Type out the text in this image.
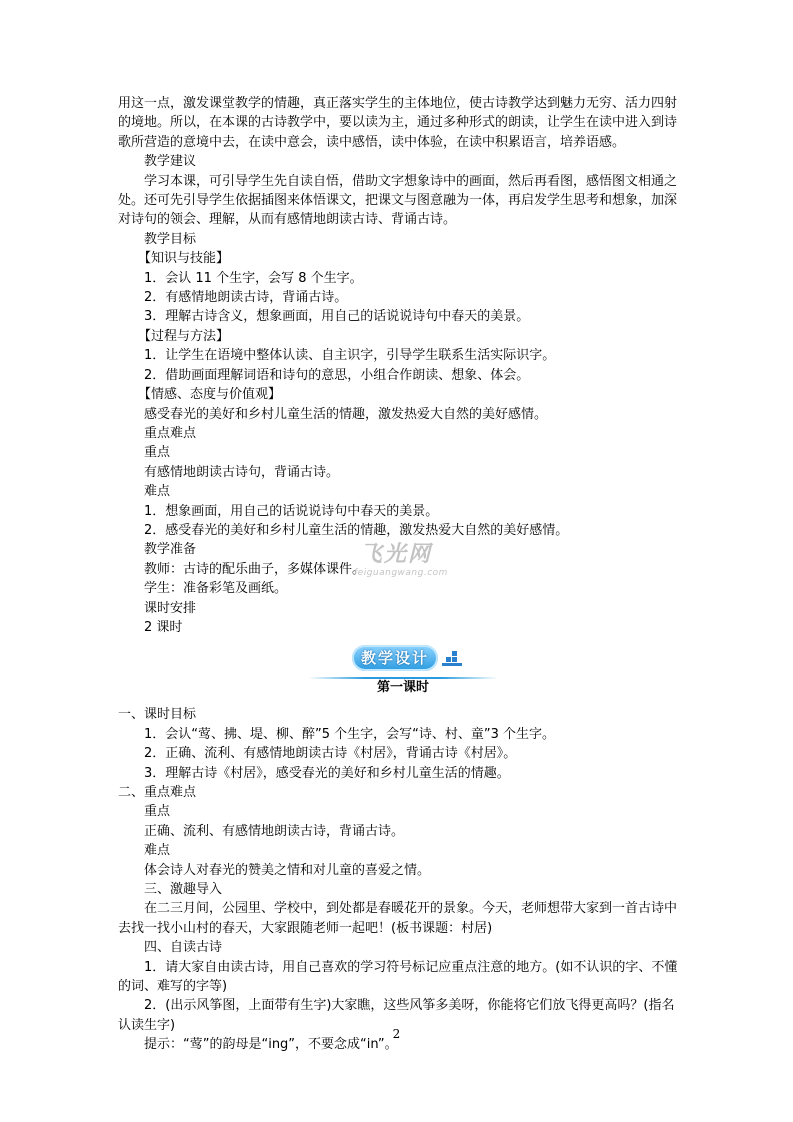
用这一点，激发课堂教学的情趣，真正落实学生的主体地位，使古诗教学达到魅力无穷、活力四射的境地。所以，在本课的古诗教学中，要以读为主，通过多种形式的朗读，让学生在读中进入到诗歌所营造的意境中去，在读中意会，读中感悟，读中体验，在读中积累语言，培养语感。

教学建议

学习本课，可引导学生先自读自悟，借助文字想象诗中的画面，然后再看图，感悟图文相通之处。还可先引导学生依据插图来体悟课文，把课文与图意融为一体，再启发学生思考和想象，加深对诗句的领会、理解，从而有感情地朗读古诗、背诵古诗。

教学目标

【知识与技能】

1．会认 11 个生字，会写 8 个生字。

2．有感情地朗读古诗，背诵古诗。

3．理解古诗含义，想象画面，用自己的话说说诗句中春天的美景。

【过程与方法】

1．让学生在语境中整体认读、自主识字，引导学生联系生活实际识字。

2．借助画面理解词语和诗句的意思，小组合作朗读、想象、体会。

【情感、态度与价值观】

感受春光的美好和乡村儿童生活的情趣，激发热爱大自然的美好感情。

重点难点

重点

有感情地朗读古诗句，背诵古诗。

难点

1．想象画面，用自己的话说说诗句中春天的美景。

2．感受春光的美好和乡村儿童生活的情趣，激发热爱大自然的美好感情。

教学准备

教师：古诗的配乐曲子，多媒体课件。

学生：准备彩笔及画纸。

课时安排

2 课时

教学设计
第一课时

一、课时目标

1．会认“莺、拂、堤、柳、醉”5 个生字，会写“诗、村、童”3 个生字。

2．正确、流利、有感情地朗读古诗《村居》，背诵古诗《村居》。

3．理解古诗《村居》，感受春光的美好和乡村儿童生活的情趣。

二、重点难点

重点

正确、流利、有感情地朗读古诗，背诵古诗。

难点

体会诗人对春光的赞美之情和对儿童的喜爱之情。

三、激趣导入

在二三月间，公园里、学校中，到处都是春暖花开的景象。今天，老师想带大家到一首古诗中去找一找小山村的春天，大家跟随老师一起吧！(板书课题：村居)

四、自读古诗

1．请大家自由读古诗，用自己喜欢的学习符号标记应重点注意的地方。(如不认识的字、不懂的词、难写的字等)

2．(出示风筝图，上面带有生字)大家瞧，这些风筝多美呀，你能将它们放飞得更高吗？(指名认读生字)

提示：“莺”的韵母是“ing”，不要念成“in”。

飞光网
feiguangwang.com
2
